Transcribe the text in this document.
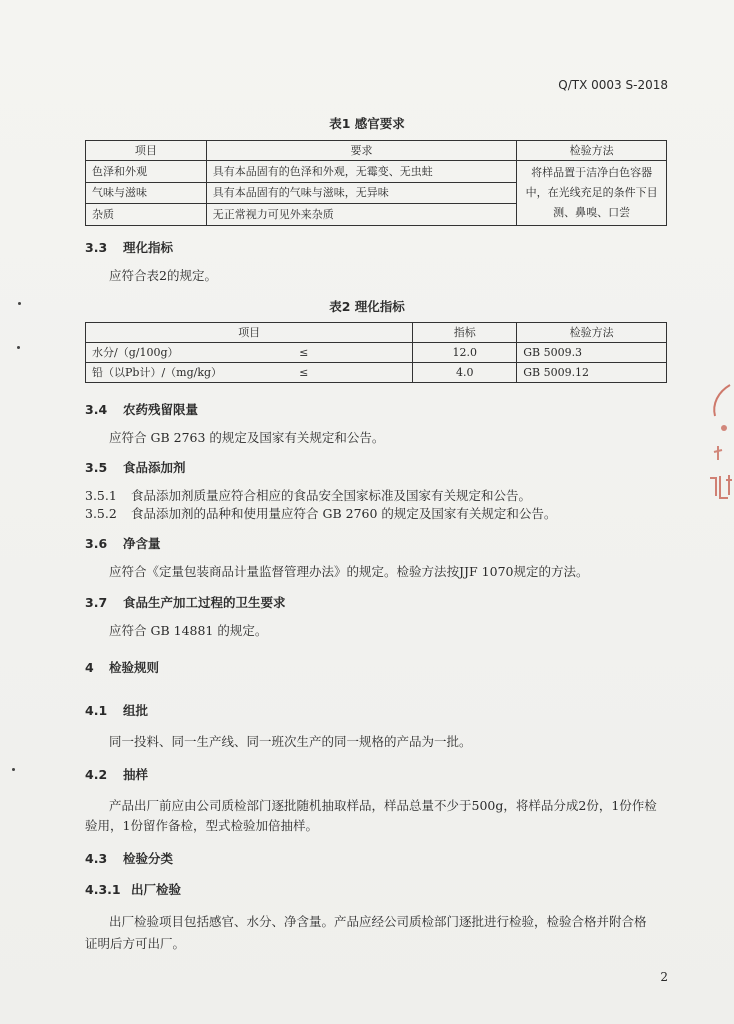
Q/TX 0003 S-2018
表1 感官要求
项目	要求	检验方法
色泽和外观	具有本品固有的色泽和外观，无霉变、无虫蛀	将样品置于洁净白色容器中，在光线充足的条件下目测、鼻嗅、口尝
气味与滋味	具有本品固有的气味与滋味，无异味	
杂质	无正常视力可见外来杂质	
3.3 理化指标
应符合表2的规定。
表2 理化指标
项目		指标	检验方法
水分/（g/100g）	≤	12.0	GB 5009.3
铅（以Pb计）/（mg/kg）	≤	4.0	GB 5009.12
3.4 农药残留限量
应符合 GB 2763 的规定及国家有关规定和公告。
3.5 食品添加剂
3.5.1 食品添加剂质量应符合相应的食品安全国家标准及国家有关规定和公告。
3.5.2 食品添加剂的品种和使用量应符合 GB 2760 的规定及国家有关规定和公告。
3.6 净含量
应符合《定量包装商品计量监督管理办法》的规定。检验方法按JJF 1070规定的方法。
3.7 食品生产加工过程的卫生要求
应符合 GB 14881 的规定。
4 检验规则
4.1 组批
同一投料、同一生产线、同一班次生产的同一规格的产品为一批。
4.2 抽样
产品出厂前应由公司质检部门逐批随机抽取样品，样品总量不少于500g，将样品分成2份，1份作检
验用，1份留作备检，型式检验加倍抽样。
4.3 检验分类
4.3.1 出厂检验
出厂检验项目包括感官、水分、净含量。产品应经公司质检部门逐批进行检验，检验合格并附合格
证明后方可出厂。
2
